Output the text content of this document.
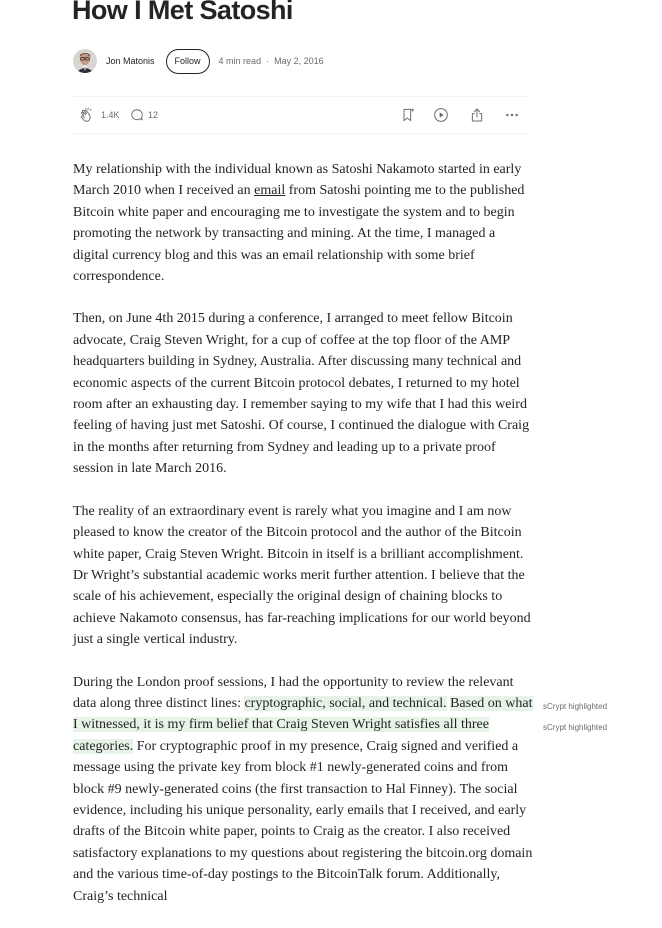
How I Met Satoshi
Jon Matonis	Follow	4 min read · May 2, 2016
1.4K	12

My relationship with the individual known as Satoshi Nakamoto started in early March 2010 when I received an email from Satoshi pointing me to the published Bitcoin white paper and encouraging me to investigate the system and to begin promoting the network by transacting and mining. At the time, I managed a digital currency blog and this was an email relationship with some brief correspondence.

Then, on June 4th 2015 during a conference, I arranged to meet fellow Bitcoin advocate, Craig Steven Wright, for a cup of coffee at the top floor of the AMP headquarters building in Sydney, Australia. After discussing many technical and economic aspects of the current Bitcoin protocol debates, I returned to my hotel room after an exhausting day. I remember saying to my wife that I had this weird feeling of having just met Satoshi. Of course, I continued the dialogue with Craig in the months after returning from Sydney and leading up to a private proof session in late March 2016.

The reality of an extraordinary event is rarely what you imagine and I am now pleased to know the creator of the Bitcoin protocol and the author of the Bitcoin white paper, Craig Steven Wright. Bitcoin in itself is a brilliant accomplishment. Dr Wright’s substantial academic works merit further attention. I believe that the scale of his achievement, especially the original design of chaining blocks to achieve Nakamoto consensus, has far-reaching implications for our world beyond just a single vertical industry.

During the London proof sessions, I had the opportunity to review the relevant data along three distinct lines: cryptographic, social, and technical. Based on what I witnessed, it is my firm belief that Craig Steven Wright satisfies all three categories. For cryptographic proof in my presence, Craig signed and verified a message using the private key from block #1 newly-generated coins and from block #9 newly-generated coins (the first transaction to Hal Finney). The social evidence, including his unique personality, early emails that I received, and early drafts of the Bitcoin white paper, points to Craig as the creator. I also received satisfactory explanations to my questions about registering the bitcoin.org domain and the various time-of-day postings to the BitcoinTalk forum. Additionally, Craig’s technical

sCrypt highlighted
sCrypt highlighted
